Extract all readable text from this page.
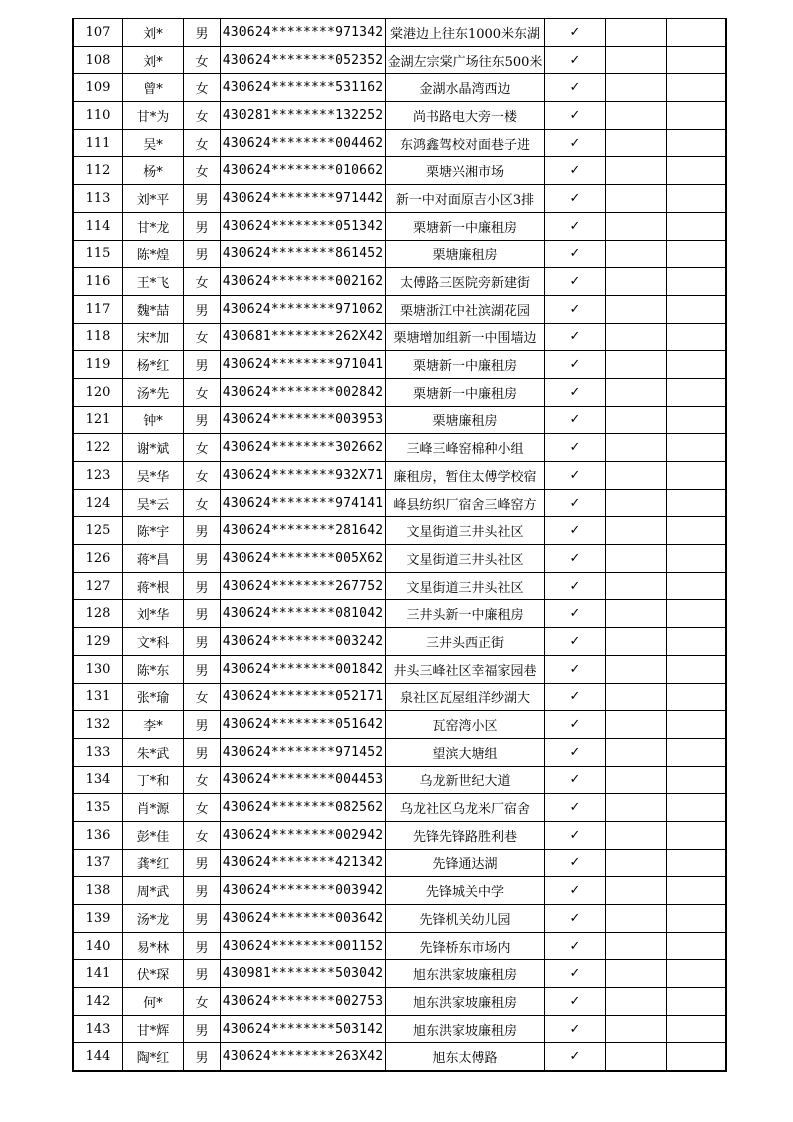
107	刘*	男	430624********971342	棠港边上往东1000米东湖	✓		
108	刘*	女	430624********052352	金湖左宗棠广场往东500米	✓		
109	曾*	女	430624********531162	金湖水晶湾西边	✓		
110	甘*为	女	430281********132252	尚书路电大旁一楼	✓		
111	吴*	女	430624********004462	东鸿鑫驾校对面巷子进	✓		
112	杨*	女	430624********010662	栗塘兴湘市场	✓		
113	刘*平	男	430624********971442	新一中对面原吉小区3排	✓		
114	甘*龙	男	430624********051342	栗塘新一中廉租房	✓		
115	陈*煌	男	430624********861452	栗塘廉租房	✓		
116	王*飞	女	430624********002162	太傅路三医院旁新建街	✓		
117	魏*喆	男	430624********971062	栗塘浙江中社滨湖花园	✓		
118	宋*加	女	430681********262X42	栗塘增加组新一中围墙边	✓		
119	杨*红	男	430624********971041	栗塘新一中廉租房	✓		
120	汤*先	女	430624********002842	栗塘新一中廉租房	✓		
121	钟*	男	430624********003953	栗塘廉租房	✓		
122	谢*斌	女	430624********302662	三峰三峰窑棉种小组	✓		
123	吴*华	女	430624********932X71	廉租房，暂住太傅学校宿	✓		
124	吴*云	女	430624********974141	峰县纺织厂宿舍三峰窑方	✓		
125	陈*宇	男	430624********281642	文星街道三井头社区	✓		
126	蒋*昌	男	430624********005X62	文星街道三井头社区	✓		
127	蒋*根	男	430624********267752	文星街道三井头社区	✓		
128	刘*华	男	430624********081042	三井头新一中廉租房	✓		
129	文*科	男	430624********003242	三井头西正街	✓		
130	陈*东	男	430624********001842	井头三峰社区幸福家园巷	✓		
131	张*瑜	女	430624********052171	泉社区瓦屋组洋纱湖大	✓		
132	李*	男	430624********051642	瓦窑湾小区	✓		
133	朱*武	男	430624********971452	望滨大塘组	✓		
134	丁*和	女	430624********004453	乌龙新世纪大道	✓		
135	肖*源	女	430624********082562	乌龙社区乌龙米厂宿舍	✓		
136	彭*佳	女	430624********002942	先锋先锋路胜利巷	✓		
137	龚*红	男	430624********421342	先锋通达湖	✓		
138	周*武	男	430624********003942	先锋城关中学	✓		
139	汤*龙	男	430624********003642	先锋机关幼儿园	✓		
140	易*林	男	430624********001152	先锋桥东市场内	✓		
141	伏*琛	男	430981********503042	旭东洪家坡廉租房	✓		
142	何*	女	430624********002753	旭东洪家坡廉租房	✓		
143	甘*辉	男	430624********503142	旭东洪家坡廉租房	✓		
144	陶*红	男	430624********263X42	旭东太傅路	✓		
